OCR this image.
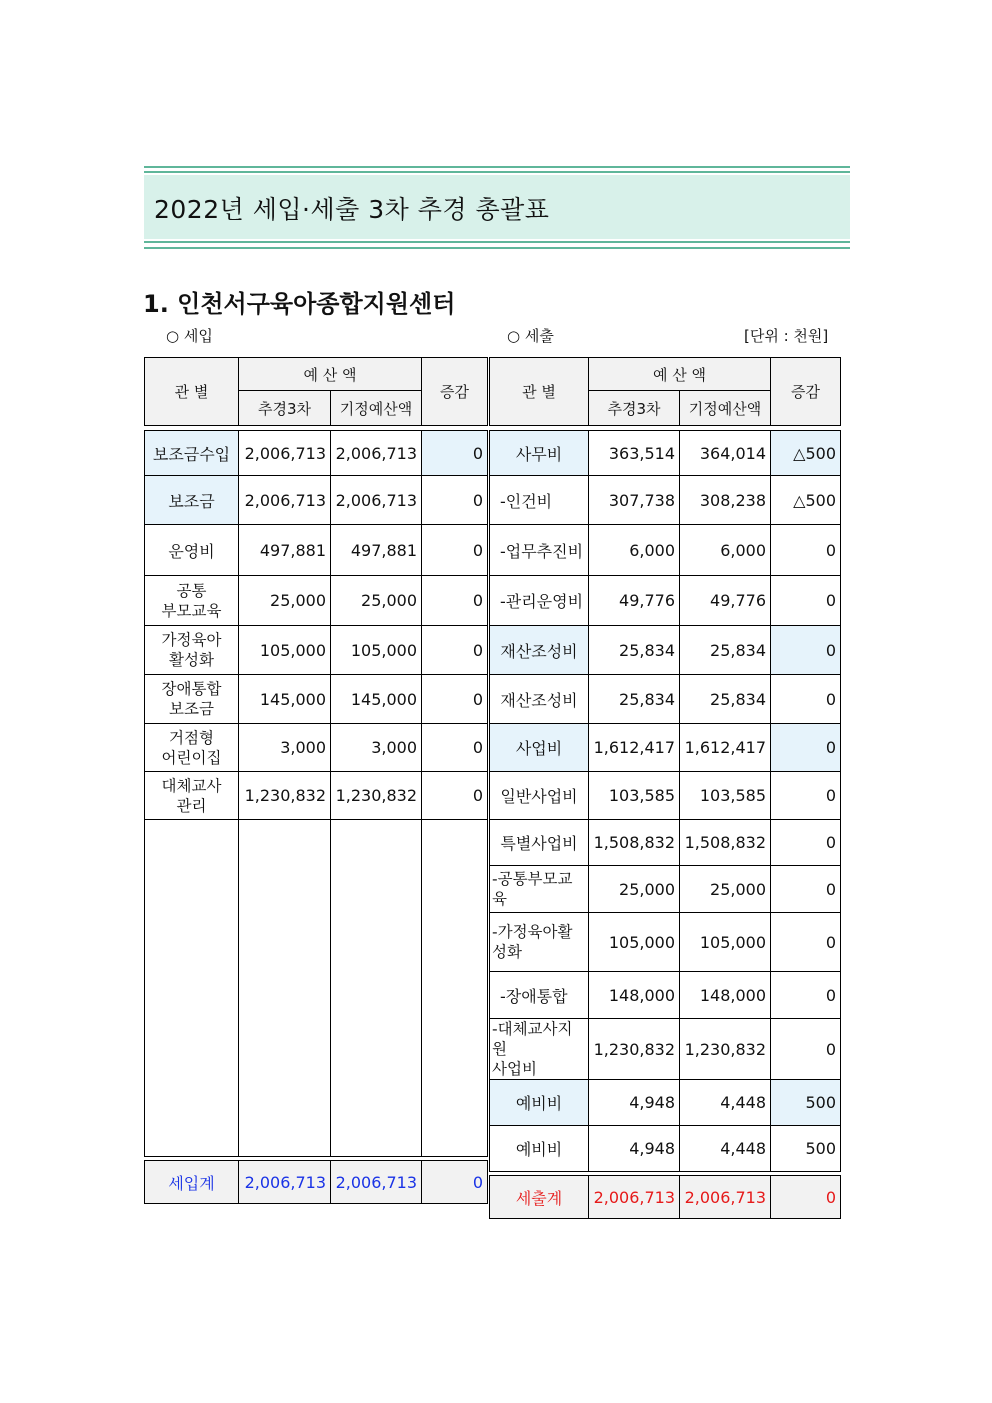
2022년 세입·세출 3차 추경 총괄표
1. 인천서구육아종합지원센터
○ 세입	○ 세출	[단위 : 천원]
관 별	예 산 액		증감
	추경3차	기정예산액	

보조금수입	2,006,713	2,006,713	0
보조금	2,006,713	2,006,713	0
운영비	497,881	497,881	0
공통
부모교육	25,000	25,000	0
가정육아
활성화	105,000	105,000	0
장애통합
보조금	145,000	145,000	0
거점형
어린이집	3,000	3,000	0
대체교사
관리	1,230,832	1,230,832	0

세입계	2,006,713	2,006,713	0
관 별	예 산 액		증감
	추경3차	기정예산액	

사무비	363,514	364,014	△500
-인건비	307,738	308,238	△500
-업무추진비	6,000	6,000	0
-관리운영비	49,776	49,776	0
재산조성비	25,834	25,834	0
재산조성비	25,834	25,834	0
사업비	1,612,417	1,612,417	0
일반사업비	103,585	103,585	0
특별사업비	1,508,832	1,508,832	0
-공통부모교
육	25,000	25,000	0
-가정육아활
성화	105,000	105,000	0
-장애통합	148,000	148,000	0
-대체교사지원
사업비	1,230,832	1,230,832	0
예비비	4,948	4,448	500
예비비	4,948	4,448	500

세출계	2,006,713	2,006,713	0
